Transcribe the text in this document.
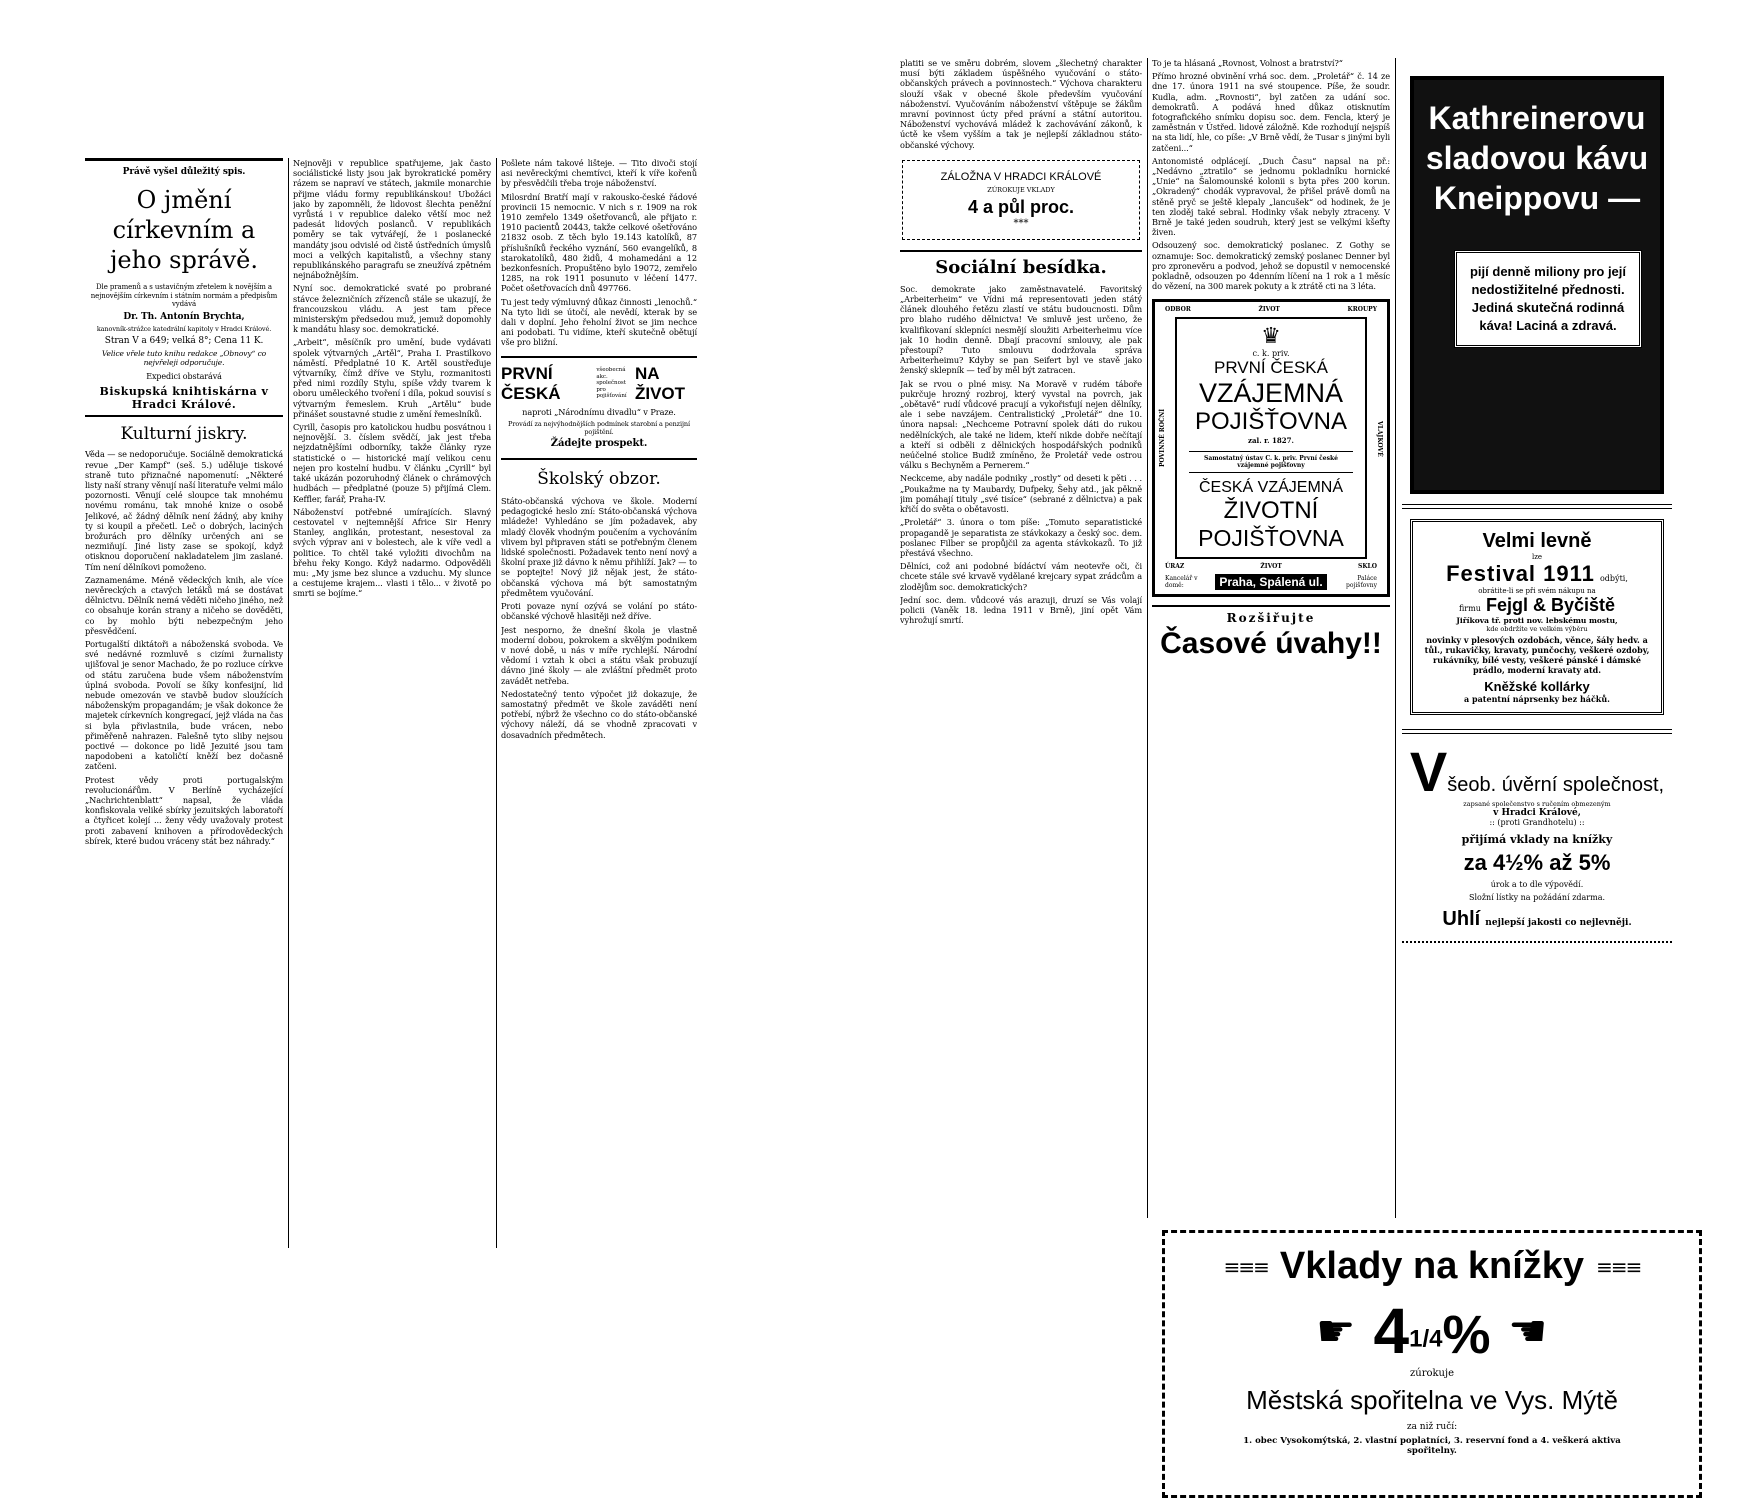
Právě vyšel důležitý spis.
O jmění církevním a jeho správě.
Dle pramenů a s ustavičným zřetelem k novějším a nejnovějším církevním i státním normám a předpisům vydává
Dr. Th. Antonín Brychta,
kanovník-strážce katedrální kapitoly v Hradci Králové.
Stran V a 649; velká 8°; Cena 11 K.
Velice vřele tuto knihu redakce „Obnovy“ co nejvřeleji odporučuje.
Expedici obstarává
Biskupská knihtiskárna v Hradci Králové.
Kulturní jiskry.

Věda — se nedoporučuje. Sociálně demokratická revue „Der Kampf“ (seš. 5.) uděluje tiskové straně tuto přiznačné napomenutí: „Některé listy naší strany věnují naší literatuře velmi málo pozornosti. Věnují celé sloupce tak mnohému novému románu, tak mnohé knize o osobě Jelikové, ač žádný dělník není žádný, aby knihy ty si koupil a přečetl. Leč o dobrých, laciných brožurách pro dělníky určených ani se nezmiňují. Jiné listy zase se spokojí, když otisknou doporučení nakladatelem jim zaslané. Tím není dělníkovi pomoženo.

Zaznamenáme. Méně vědeckých knih, ale více nevěreckých a ctavých letáků má se dostávat dělnictvu. Dělník nemá věděti ničeho jiného, než co obsahuje korán strany a ničeho se dověděti, co by mohlo býti nebezpečným jeho přesvědčení.

Portugalští diktátoři a náboženská svoboda. Ve své nedávné rozmluvě s cizími žurnalisty ujišťoval je senor Machado, že po rozluce církve od státu zaručena bude všem náboženstvím úplná svoboda. Povolí se šíky konfesijní, lid nebude omezován ve stavbě budov sloužících náboženským propagandám; je však dokonce že majetek církevních kongregací, jejž vláda na čas si byla přivlastnila, bude vrácen, nebo přiměřeně nahrazen. Falešně tyto sliby nejsou poctivé — dokonce po lidě Jezuité jsou tam napodobeni a katoličtí kněží bez dočasně zatčeni.

Protest vědy proti portugalským revolucionářům. V Berlíně vycházející „Nachrichtenblatt“ napsal, že vláda konfiskovala veliké sbírky jezuitských laboratoří a čtyřicet kolejí ... ženy vědy uvažovaly protest proti zabavení knihoven a přírodovědeckých sbírek, které budou vráceny stát bez náhrady.“

Nejnověji v republice spatřujeme, jak často sociálistické listy jsou jak byrokratické poměry rázem se napraví ve státech, jakmile monarchie přijme vládu formy republikánskou! Ubožáci jako by zapomněli, že lidovost šlechta peněžní vyrůstá i v republice daleko větší moc než padesát lidových poslanců. V republikách poměry se tak vytvářejí, že i poslanecké mandáty jsou odvislé od čistě ústředních úmyslů moci a velkých kapitalistů, a všechny stany republikánského paragrafu se zneužívá zpětném nejnábožnějším.

Nyní soc. demokratické svaté po probrané stávce železničních zřízenců stále se ukazují, že francouzskou vládu. A jest tam přece ministerským předsedou muž, jemuž dopomohly k mandátu hlasy soc. demokratické.

„Arbeit“, měsíčník pro umění, bude vydávati spolek výtvarných „Artěl“, Praha I. Prastilkovo náměstí. Předplatné 10 K. Artěl soustřeďuje výtvarníky, čímž dříve ve Stylu, rozmanitosti před nimi rozdíly Stylu, spíše vždy tvarem k oboru uměleckého tvoření i díla, pokud souvisí s výtvarným řemeslem. Kruh „Artělu“ bude přinášet soustavné studie z umění řemeslníků.

Cyrill, časopis pro katolickou hudbu posvátnou i nejnovější. 3. číslem svědčí, jak jest třeba nejzdatnějšími odborníky, takže články ryze statistické o — historické mají velikou cenu nejen pro kostelní hudbu. V článku „Cyrill“ byl také ukázán pozoruhodný článek o chrámových hudbách — předplatné (pouze 5) přijímá Clem. Keffler, farář, Praha-IV.

Náboženství potřebné umírajících. Slavný cestovatel v nejtemnější Africe Sir Henry Stanley, anglikán, protestant, nesestoval za svých výprav ani v bolestech, ale k víře vedl a politice. To chtěl také vyložiti divochům na břehu řeky Kongo. Když nadarmo. Odpověděli mu: „My jsme bez slunce a vzduchu. My slunce a cestujeme krajem... vlasti i tělo... v životě po smrti se bojíme.“

Pošlete nám takové lišteje. — Tito divoči stojí asi nevěreckými chemtívci, kteří k víře kořenů by přesvědčili třeba troje náboženství.

Milosrdní Bratří mají v rakousko-české řádové provincii 15 nemocnic. V nich s r. 1909 na rok 1910 zemřelo 1349 ošetřovanců, ale přijato r. 1910 pacientů 20443, takže celkové ošetřováno 21832 osob. Z těch bylo 19.143 katolíků, 87 příslušníků řeckého vyznání, 560 evangelíků, 8 starokatolíků, 480 židů, 4 mohamedáni a 12 bezkonfesních. Propuštěno bylo 19072, zemřelo 1285, na rok 1911 posunuto v léčení 1477. Počet ošetřovacích dnů 497766.

Tu jest tedy výmluvný důkaz činnosti „lenochů.“ Na tyto lidi se útočí, ale nevědí, kterak by se dali v doplní. Jeho řeholní život se jim nechce ani podobati. Tu vidíme, kteří skutečně obětují vše pro bližní.

PRVNÍ ČESKÁ
všeobecná akc. společnost pro pojišťování
NA ŽIVOT
naproti „Národnímu divadlu“ v Praze.
Provádí za nejvýhodnějších podmínek starobní a penzijní pojištění.
Žádejte prospekt.
Školský obzor.

Státo-občanská výchova ve škole. Moderní pedagogické heslo zní: Státo-občanská výchova mládeže! Vyhledáno se jím požadavek, aby mladý člověk vhodným poučením a vychováním vlivem byl připraven státi se potřebným členem lidské společnosti. Požadavek tento není nový a školní praxe již dávno k němu přihlíží. Jak? — to se poptejte! Nový již nějak jest, že státo-občanská výchova má být samostatným předmětem vyučování.

Proti povaze nyní ozývá se volání po státo-občanské výchově hlasitěji než dříve.

Jest nesporno, že dnešní škola je vlastně moderní dobou, pokrokem a skvělým podnikem v nové době, u nás v míře rychlejší. Národní vědomí i vztah k obci a státu však probuzují dávno jiné školy — ale zvláštní předmět proto zavádět netřeba.

Nedostatečný tento výpočet již dokazuje, že samostatný předmět ve škole zaváděti není potřebí, nýbrž že všechno co do státo-občanské výchovy náleží, dá se vhodně zpracovati v dosavadních předmětech.

platiti se ve směru dobrém, slovem „šlechetný charakter musí býti základem úspěšného vyučování o státo-občanských právech a povinnostech.“ Výchova charakteru slouží však v obecné škole především vyučování náboženství. Vyučováním náboženství vštěpuje se žákům mravní povinnost úcty před právní a státní autoritou. Náboženství vychovává mládež k zachovávání zákonů, k úctě ke všem vyšším a tak je nejlepší základnou státo-občanské výchovy.

ZÁLOŽNA V HRADCI KRÁLOVÉ
ZÚROKUJE VKLADY
4 a půl proc.
***
Sociální besídka.

Soc. demokrate jako zaměstnavatelé. Favoritský „Arbeiterheim“ ve Vídni má representovati jeden státý článek dlouhého řetězu zlastí ve státu budoucnosti. Dům pro blaho rudého dělnictva! Ve smluvě jest určeno, že kvalifikovaní sklepníci nesmějí sloužiti Arbeiterheimu více jak 10 hodin denně. Dbají pracovní smlouvy, ale pak přestoupí? Tuto smlouvu dodržovala správa Arbeiterheimu? Kdyby se pan Seifert byl ve stavě jako ženský sklepník — teď by měl být zatracen.

Jak se rvou o plné misy. Na Moravě v rudém táboře pukrčuje hrozný rozbroj, který vyvstal na povrch, jak „obětavě“ rudí vůdcové pracují a vykořisťují nejen dělníky, ale i sebe navzájem. Centralistický „Proletář“ dne 10. února napsal: „Nechceme Potravní spolek dáti do rukou nedělníckých, ale také ne lidem, kteří nikde dobře nečítají a kteří si odběli z dělnických hospodářských podniků neúčelné stolice Budiž zmíněno, že Proletář vede ostrou válku s Bechyněm a Pernerem.“

Neckceme, aby nadále podniky „rostly“ od deseti k pěti . . . „Poukažme na ty Maubardy, Dufpeky, Šehy atd., jak pěkně jim pomáhají tituly „své tisíce“ (sebrané z dělnictva) a pak křičí do světa o obětavosti.

„Proletář“ 3. února o tom píše: „Tomuto separatistické propagandě je separatista ze stávkokazy a český soc. dem. poslanec Filber se propůjčil za agenta stávkokazů. To již přestává všechno.

Dělníci, což ani podobné bídáctví vám neotevře oči, či chcete stále své krvavě vydělané krejcary sypat zrádcům a zlodějům soc. demokratických?

Jední soc. dem. vůdcové vás arazuji, druzí se Vás volají policii (Vaněk 18. ledna 1911 v Brně), jiní opět Vám vyhrožují smrtí.

To je ta hlásaná „Rovnost, Volnost a bratrství?“

Přímo hrozné obvinění vrhá soc. dem. „Proletář“ č. 14 ze dne 17. února 1911 na své stoupence. Píše, že soudr. Kudla, adm. „Rovnosti“, byl zatčen za udání soc. demokratů. A podává hned důkaz otisknutím fotografického snímku dopisu soc. dem. Fencla, který je zaměstnán v Ústřed. lidové záložně. Kde rozhodují nejspíš na sta lidí, hle, co píše: „V Brně vědí, že Tusar s jinými byli zatčeni...“

Antonomisté odplácejí. „Duch Času“ napsal na př.: „Nedávno „ztratilo“ se jednomu pokladníku hornické „Unie“ na Šalomounské kolonii s byta přes 200 korun. „Okradený“ chodák vypravoval, že přišel právě domů na stěně pryč se ještě klepaly „lancušek“ od hodinek, že je ten zloděj také sebral. Hodinky však nebyly ztraceny. V Brně je také jeden soudruh, který jest se velkými kšefty živen.

Odsouzený soc. demokratický poslanec. Z Gothy se oznamuje: Soc. demokratický zemský poslanec Denner byl pro zpronevěru a podvod, jehož se dopustil v nemocenské pokladně, odsouzen po 4denním líčení na 1 rok a 1 měsíc do vězení, na 300 marek pokuty a k ztrátě cti na 3 léta.

ODBOR	ŽIVOT	KROUPY
POVINNÉ ROČNÍ
♛
c. k. priv.
PRVNÍ ČESKÁ
VZÁJEMNÁ
POJIŠŤOVNA
zal. r. 1827.
Samostatný ústav C. k. priv. První české vzájemné pojišťovny
ČESKÁ VZÁJEMNÁ
ŽIVOTNÍ
POJIŠŤOVNA
VLAJKOVÉ
ÚRAZ	ŽIVOT	SKLO
Kancelář v domě:	Praha, Spálená ul.	Paláce pojišťovny
Rozšiřujte
Časové úvahy!!
Kathreinerovu
sladovou kávu
Kneippovu —
pijí denně miliony pro její nedostižitelné přednosti. Jediná skutečná rodinná káva! Laciná a zdravá.
Velmi levně
lze
Festival 1911 odbýti,
obrátite-li se při svém nákupu na
firmu Fejgl & Byčiště
Jiříkova tř. proti nov. lebskému mostu,
kde obdržíte ve velkém výběru
novinky v plesových ozdobách, věnce, šály hedv. a tůl., rukavičky, kravaty, punčochy, veškeré ozdoby, rukávníky, bílé vesty, veškeré pánské i dámské prádlo, moderní kravaty atd.
Kněžské kollárky
a patentní náprsenky bez háčků.
V šeob. úvěrní společnost,
zapsané společenstvo s ručením obmezeným
v Hradci Králové,
:: (proti Grandhotelu) ::
přijímá vklady na knížky
za 4½% až 5%
úrok a to dle výpovědí.
Složní lístky na požádání zdarma.
Uhlí nejlepší jakosti co nejlevněji.
≡≡≡ Vklady na knížky ≡≡≡
☛ 41/4% ☛
zúrokuje
Městská spořitelna ve Vys. Mýtě
za niž ručí:
1. obec Vysokomýtská, 2. vlastní poplatníci, 3. reservní fond a 4. veškerá aktiva spořitelny.
